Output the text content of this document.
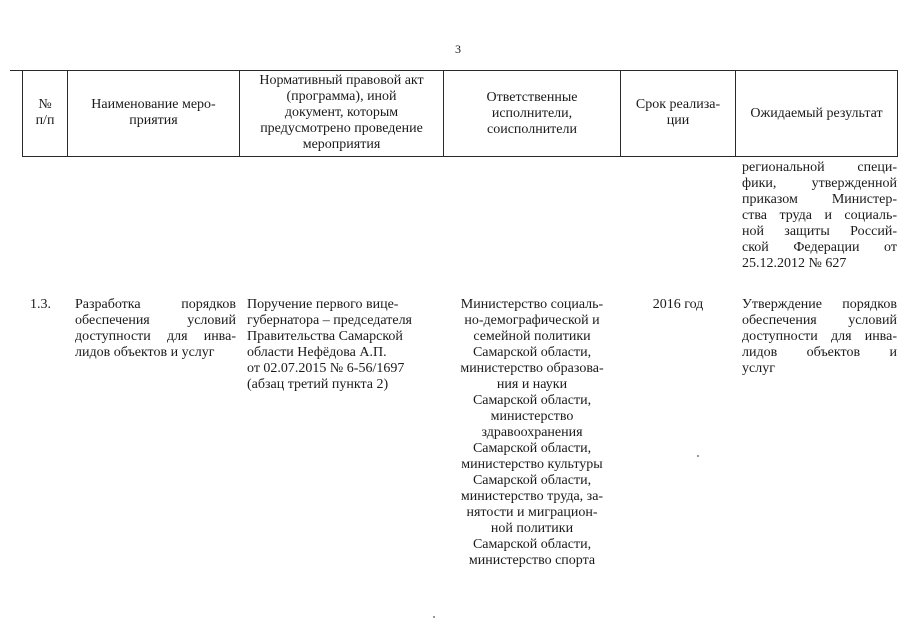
3
№
п/п
Наименование меро-
приятия
Нормативный правовой акт
(программа), иной
документ, которым
предусмотрено проведение
мероприятия
Ответственные
исполнители,
соисполнители
Срок реализа-
ции	Ожидаемый результат
региональной специ-
фики, утвержденной
приказом Министер-
ства труда и социаль-
ной защиты Россий-
ской Федерации от
25.12.2012 № 627
1.3. Разработка порядков
обеспечения условий
доступности для инва-
лидов объектов и услуг
Поручение первого вице-
губернатора – председателя
Правительства Самарской
области Нефёдова А.П.
от 02.07.2015 № 6-56/1697
(абзац третий пункта 2)
Министерство социаль-
но-демографической и
семейной политики
Самарской области,
министерство образова-
ния и науки
Самарской области,
министерство
здравоохранения
Самарской области,
министерство культуры
Самарской области,
министерство труда, за-
нятости и миграцион-
ной политики
Самарской области,
министерство спорта
2016 год	Утверждение порядков
обеспечения условий
доступности для инва-
лидов объектов и
услуг
